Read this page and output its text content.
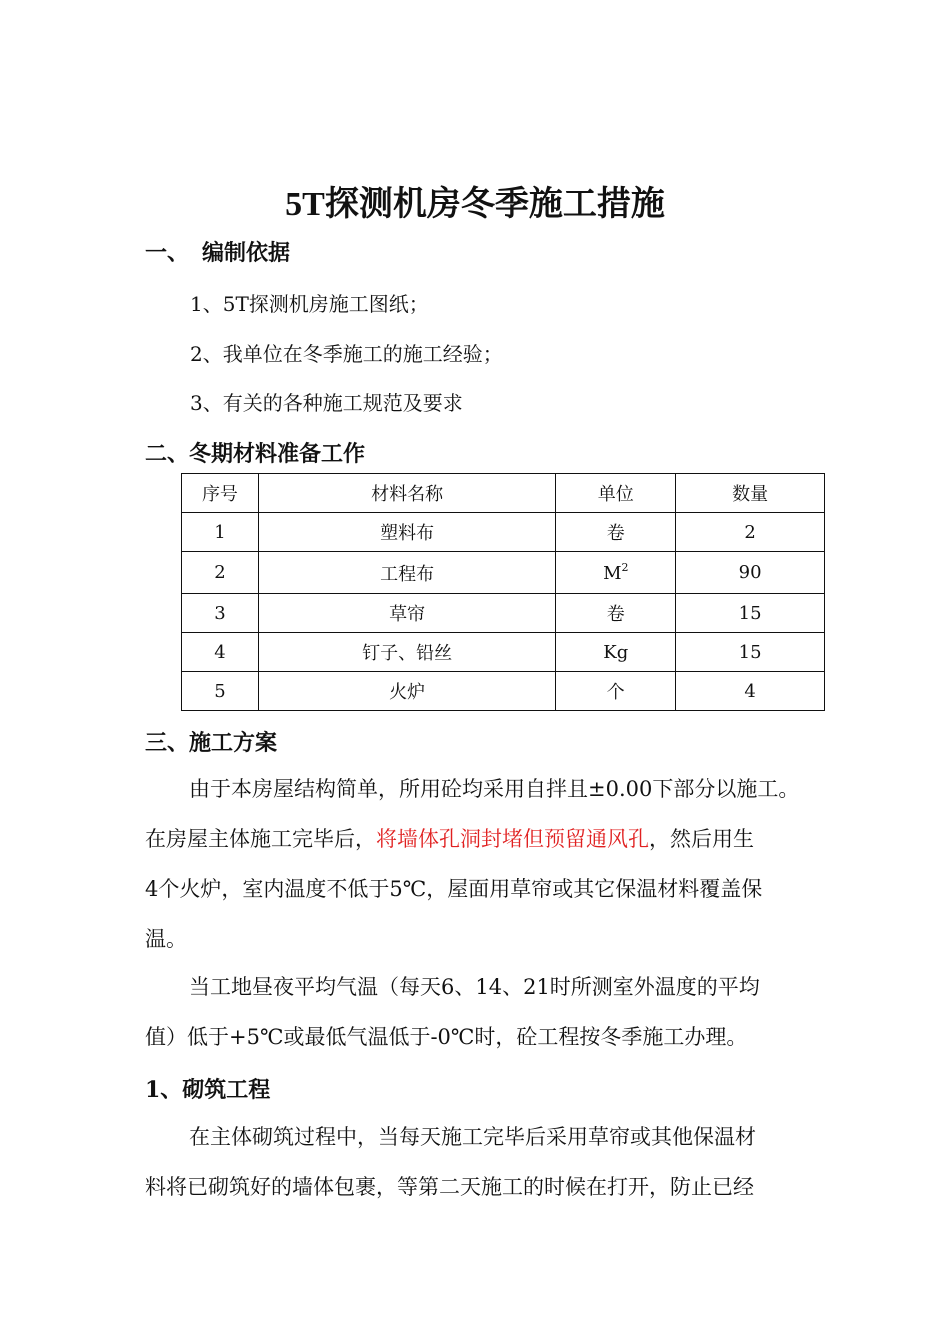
5T探测机房冬季施工措施
一、 编制依据
1、5T探测机房施工图纸；
2、我单位在冬季施工的施工经验；
3、有关的各种施工规范及要求
二、冬期材料准备工作
序号	材料名称	单位	数量
1	塑料布	卷	2
2	工程布	$M^2$	90
3	草帘	卷	15
4	钉子、铅丝	Kg	15
5	火炉	个	4
三、施工方案
由于本房屋结构简单，所用砼均采用自拌且±0.00下部分以施工。
在房屋主体施工完毕后，将墙体孔洞封堵但预留通风孔，然后用生
4个火炉，室内温度不低于5℃，屋面用草帘或其它保温材料覆盖保
温。
当工地昼夜平均气温（每天6、14、21时所测室外温度的平均
值）低于+5℃或最低气温低于-0℃时，砼工程按冬季施工办理。
1、砌筑工程
在主体砌筑过程中，当每天施工完毕后采用草帘或其他保温材
料将已砌筑好的墙体包裹，等第二天施工的时候在打开，防止已经
